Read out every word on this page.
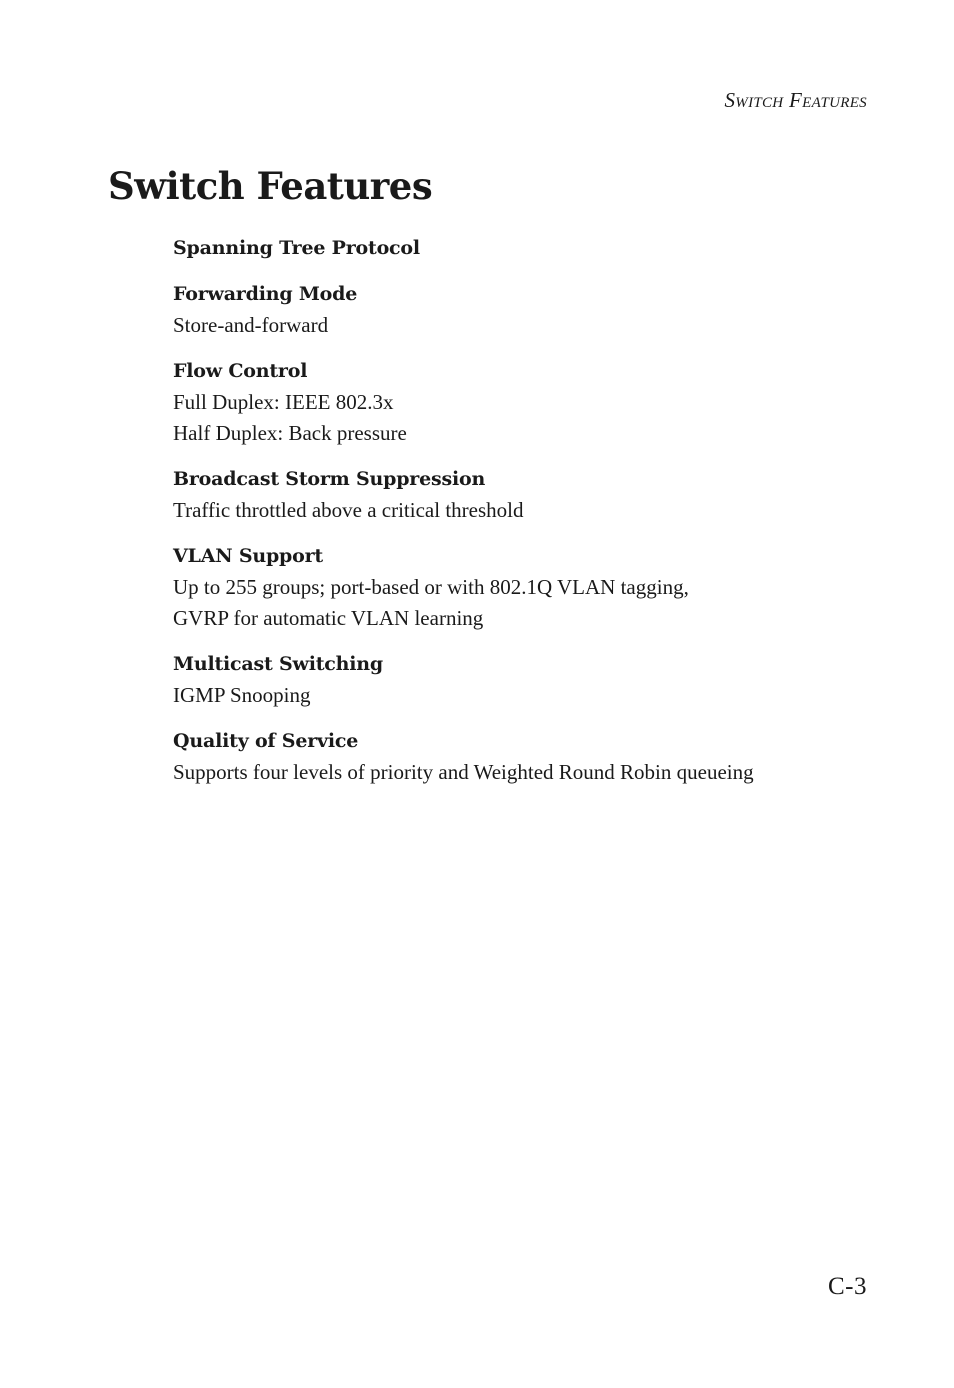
Switch Features
Switch Features
Spanning Tree Protocol
Forwarding Mode
Store-and-forward
Flow Control
Full Duplex: IEEE 802.3x
Half Duplex: Back pressure
Broadcast Storm Suppression
Traffic throttled above a critical threshold
VLAN Support
Up to 255 groups; port-based or with 802.1Q VLAN tagging,
GVRP for automatic VLAN learning
Multicast Switching
IGMP Snooping
Quality of Service
Supports four levels of priority and Weighted Round Robin queueing
C-3
